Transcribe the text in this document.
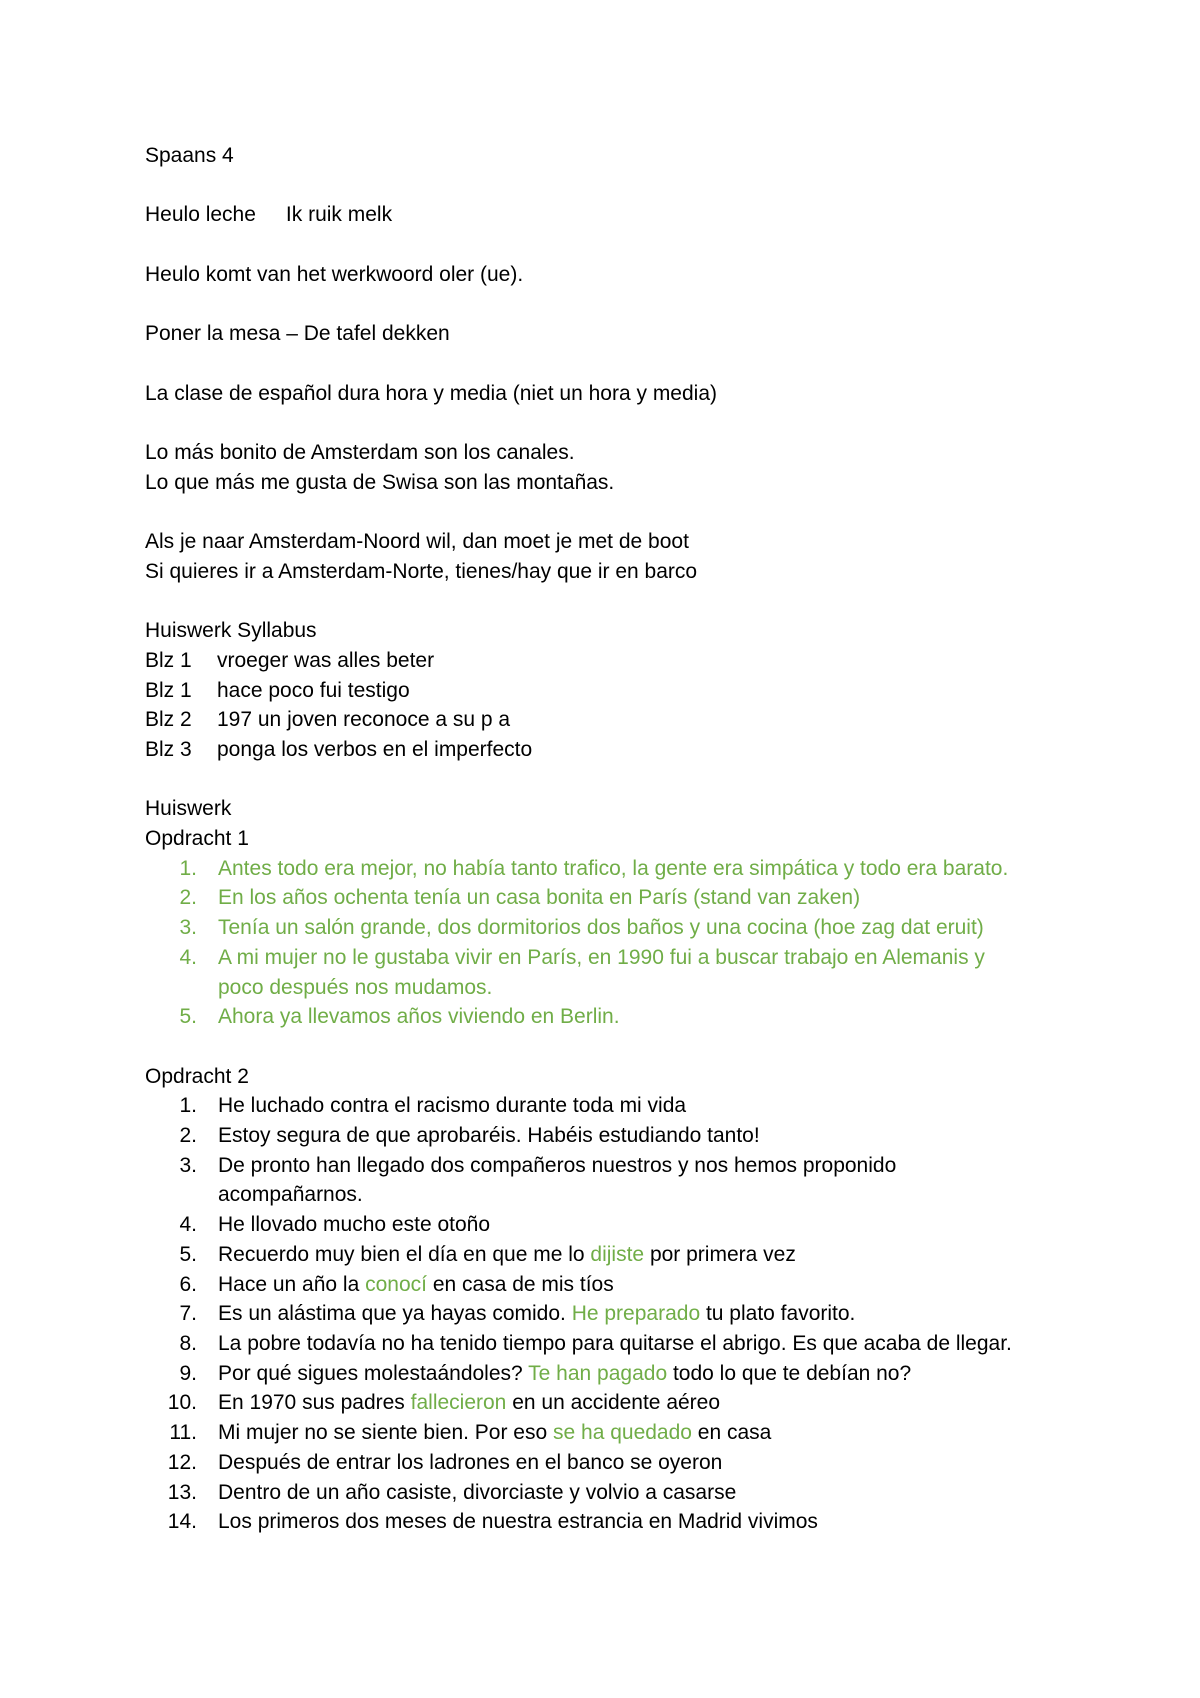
Spaans 4

Heulo leche Ik ruik melk

Heulo komt van het werkwoord oler (ue).

Poner la mesa – De tafel dekken

La clase de español dura hora y media (niet un hora y media)

Lo más bonito de Amsterdam son los canales.

Lo que más me gusta de Swisa son las montañas.

Als je naar Amsterdam-Noord wil, dan moet je met de boot

Si quieres ir a Amsterdam-Norte, tienes/hay que ir en barco

Huiswerk Syllabus

Blz 1	vroeger was alles beter
Blz 1	hace poco fui testigo
Blz 2	197 un joven reconoce a su p a
Blz 3	ponga los verbos en el imperfecto

Huiswerk

Opdracht 1

1. Antes todo era mejor, no había tanto trafico, la gente era simpática y todo era barato.
2. En los años ochenta tenía un casa bonita en París (stand van zaken)
3. Tenía un salón grande, dos dormitorios dos baños y una cocina (hoe zag dat eruit)
4. A mi mujer no le gustaba vivir en París, en 1990 fui a buscar trabajo en Alemanis y
poco después nos mudamos.
5. Ahora ya llevamos años viviendo en Berlin.

Opdracht 2

1. He luchado contra el racismo durante toda mi vida
2. Estoy segura de que aprobaréis. Habéis estudiando tanto!
3. De pronto han llegado dos compañeros nuestros y nos hemos proponido
acompañarnos.
4. He llovado mucho este otoño
5. Recuerdo muy bien el día en que me lo dijiste por primera vez
6. Hace un año la conocí en casa de mis tíos
7. Es un alástima que ya hayas comido. He preparado tu plato favorito.
8. La pobre todavía no ha tenido tiempo para quitarse el abrigo. Es que acaba de llegar.
9. Por qué sigues molestaándoles? Te han pagado todo lo que te debían no?
10. En 1970 sus padres fallecieron en un accidente aéreo
11. Mi mujer no se siente bien. Por eso se ha quedado en casa
12. Después de entrar los ladrones en el banco se oyeron
13. Dentro de un año casiste, divorciaste y volvio a casarse
14. Los primeros dos meses de nuestra estrancia en Madrid vivimos
